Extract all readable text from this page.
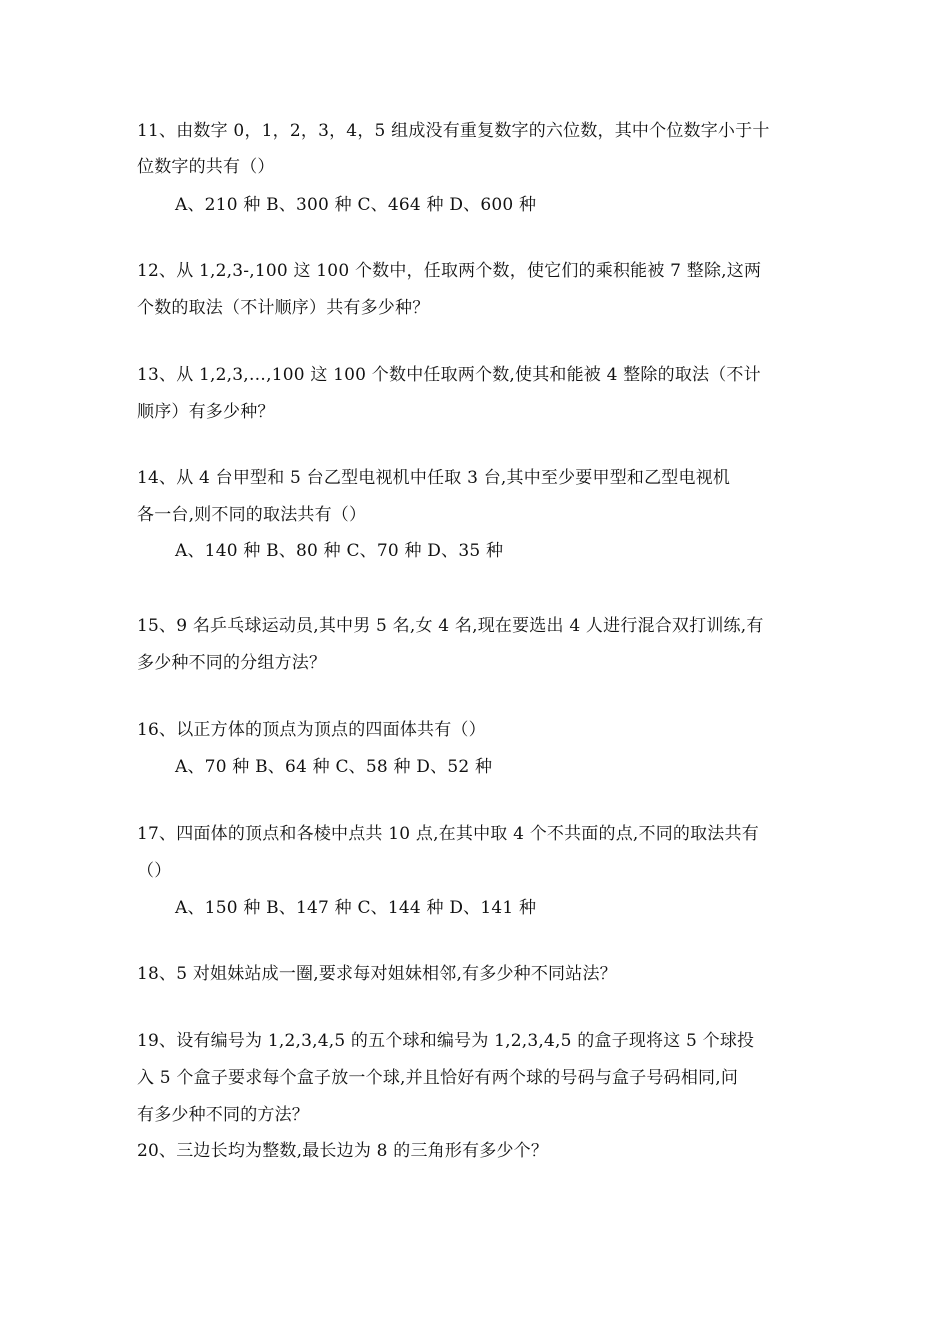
11、由数字 0，1，2，3，4，5 组成没有重复数字的六位数，其中个位数字小于十
位数字的共有（）
A、210 种 B、300 种 C、464 种 D、600 种
12、从 1,2,3-,100 这 100 个数中，任取两个数，使它们的乘积能被 7 整除,这两
个数的取法（不计顺序）共有多少种？
13、从 1,2,3,…,100 这 100 个数中任取两个数,使其和能被 4 整除的取法（不计
顺序）有多少种？
14、从 4 台甲型和 5 台乙型电视机中任取 3 台,其中至少要甲型和乙型电视机
各一台,则不同的取法共有（）
A、140 种 B、80 种 C、70 种 D、35 种
15、9 名乒乓球运动员,其中男 5 名,女 4 名,现在要选出 4 人进行混合双打训练,有
多少种不同的分组方法？
16、以正方体的顶点为顶点的四面体共有（）
A、70 种 B、64 种 C、58 种 D、52 种
17、四面体的顶点和各棱中点共 10 点,在其中取 4 个不共面的点,不同的取法共有
（）
A、150 种 B、147 种 C、144 种 D、141 种
18、5 对姐妹站成一圈,要求每对姐妹相邻,有多少种不同站法？
19、设有编号为 1,2,3,4,5 的五个球和编号为 1,2,3,4,5 的盒子现将这 5 个球投
入 5 个盒子要求每个盒子放一个球,并且恰好有两个球的号码与盒子号码相同,问
有多少种不同的方法？
20、三边长均为整数,最长边为 8 的三角形有多少个？
